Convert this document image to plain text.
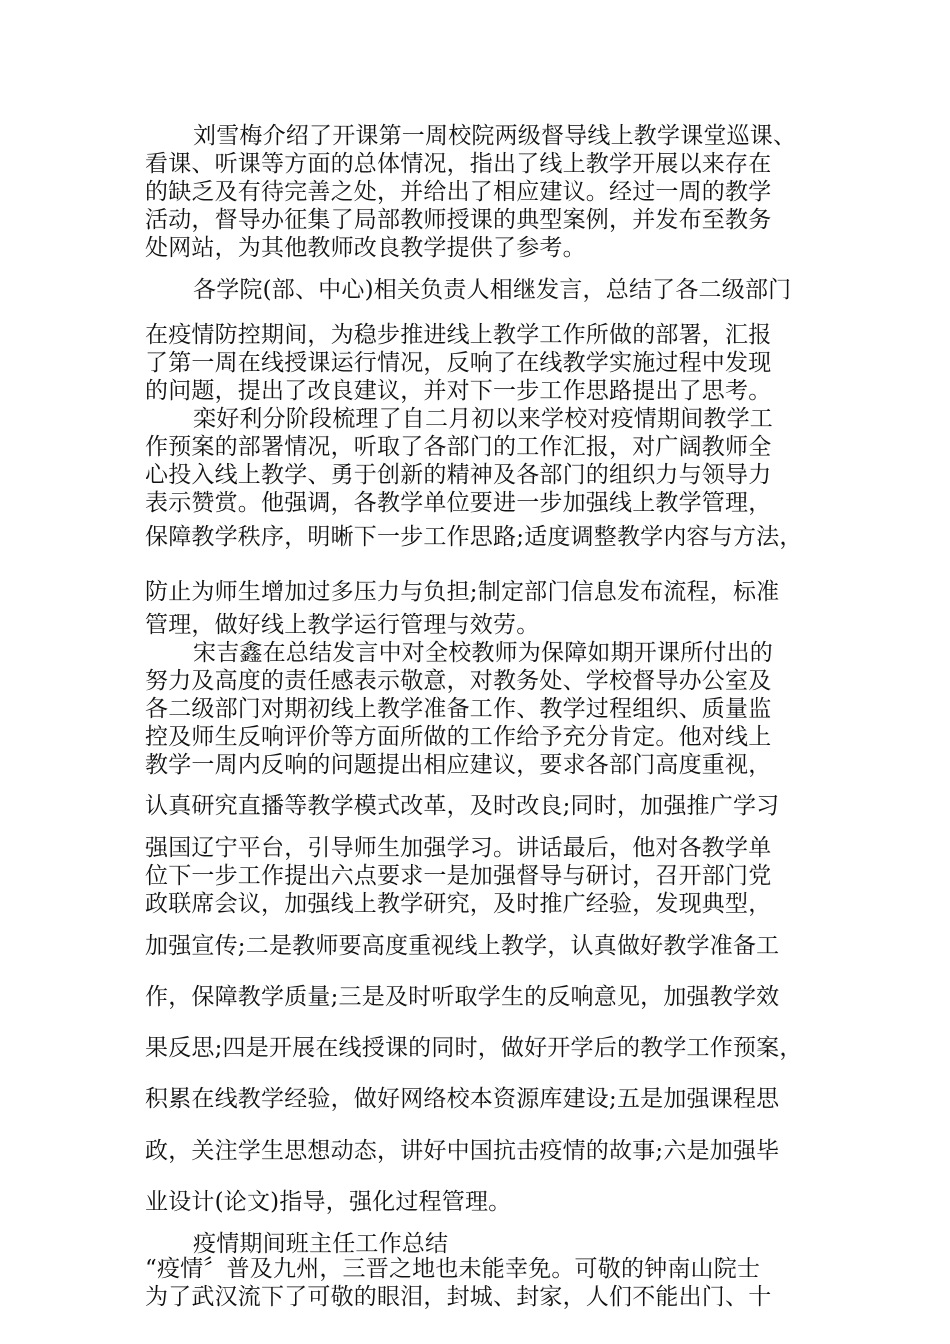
刘雪梅介绍了开课第一周校院两级督导线上教学课堂巡课、
看课、听课等方面的总体情况，指出了线上教学开展以来存在
的缺乏及有待完善之处，并给出了相应建议。经过一周的教学
活动，督导办征集了局部教师授课的典型案例，并发布至教务
处网站，为其他教师改良教学提供了参考。
各学院(部、中心)相关负责人相继发言，总结了各二级部门
在疫情防控期间，为稳步推进线上教学工作所做的部署，汇报
了第一周在线授课运行情况，反响了在线教学实施过程中发现
的问题，提出了改良建议，并对下一步工作思路提出了思考。
栾好利分阶段梳理了自二月初以来学校对疫情期间教学工
作预案的部署情况，听取了各部门的工作汇报，对广阔教师全
心投入线上教学、勇于创新的精神及各部门的组织力与领导力
表示赞赏。他强调，各教学单位要进一步加强线上教学管理，
保障教学秩序，明晰下一步工作思路;适度调整教学内容与方法，
防止为师生增加过多压力与负担;制定部门信息发布流程，标准
管理，做好线上教学运行管理与效劳。
宋吉鑫在总结发言中对全校教师为保障如期开课所付出的
努力及高度的责任感表示敬意，对教务处、学校督导办公室及
各二级部门对期初线上教学准备工作、教学过程组织、质量监
控及师生反响评价等方面所做的工作给予充分肯定。他对线上
教学一周内反响的问题提出相应建议，要求各部门高度重视，
认真研究直播等教学模式改革，及时改良;同时，加强推广学习
强国辽宁平台，引导师生加强学习。讲话最后，他对各教学单
位下一步工作提出六点要求一是加强督导与研讨，召开部门党
政联席会议，加强线上教学研究，及时推广经验，发现典型，
加强宣传;二是教师要高度重视线上教学，认真做好教学准备工
作，保障教学质量;三是及时听取学生的反响意见，加强教学效
果反思;四是开展在线授课的同时，做好开学后的教学工作预案，
积累在线教学经验，做好网络校本资源库建设;五是加强课程思
政，关注学生思想动态，讲好中国抗击疫情的故事;六是加强毕
业设计(论文)指导，强化过程管理。
疫情期间班主任工作总结
“疫情〞普及九州，三晋之地也未能幸免。可敬的钟南山院士
为了武汉流下了可敬的眼泪，封城、封家，人们不能出门、十
